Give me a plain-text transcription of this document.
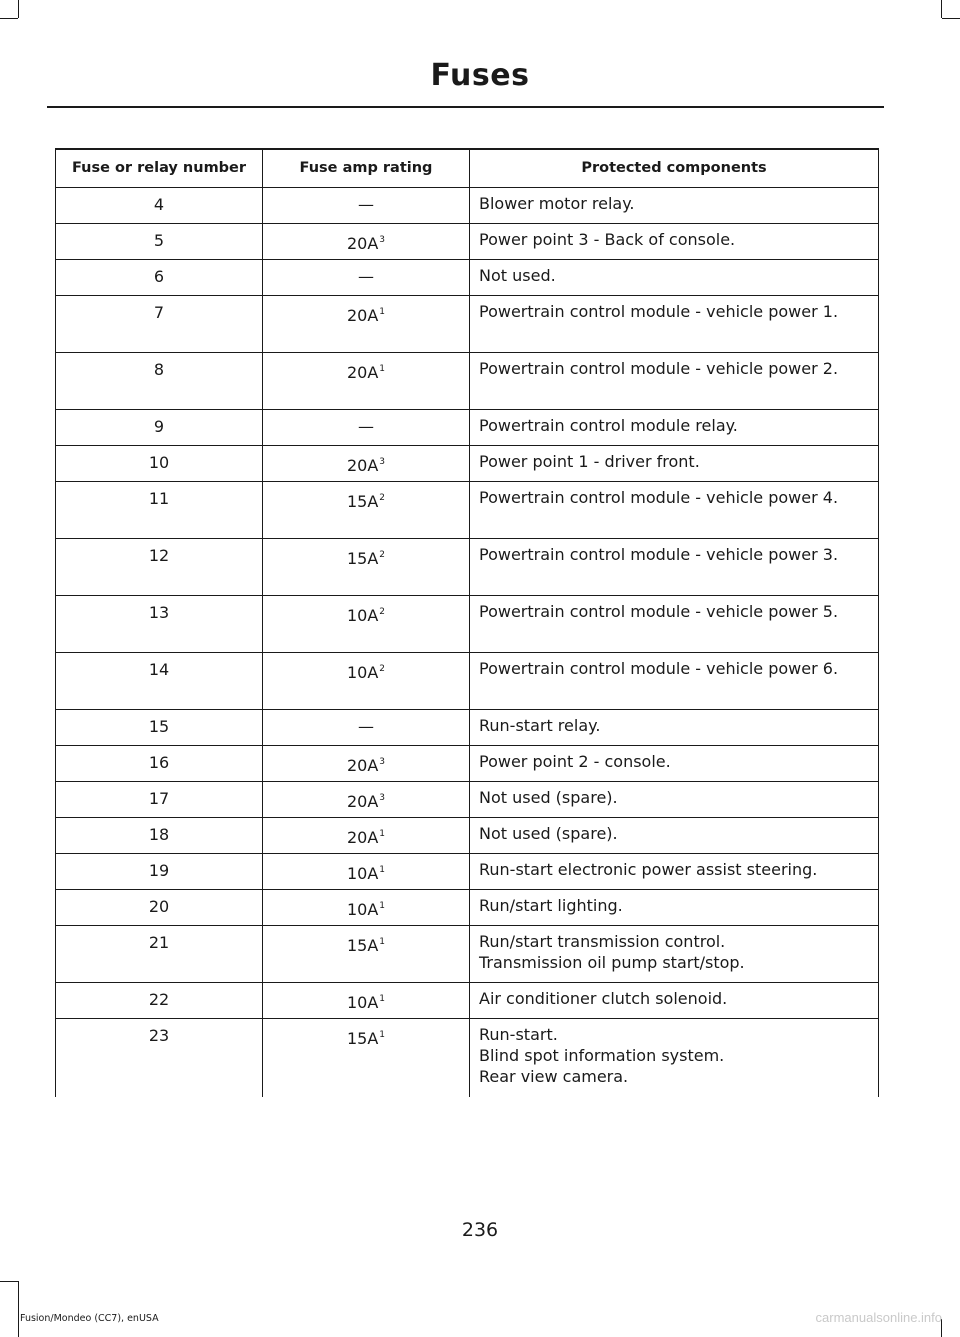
Fuses
Fuse or relay number	Fuse amp rating	Protected components
4	—	Blower motor relay.

5	20A$^3$	Power point 3 - Back of console.

6	—	Not used.

7	20A$^1$	Powertrain control module - vehicle power 1.

8	20A$^1$	Powertrain control module - vehicle power 2.

9	—	Powertrain control module relay.

10	20A$^3$	Power point 1 - driver front.

11	15A$^2$	Powertrain control module - vehicle power 4.

12	15A$^2$	Powertrain control module - vehicle power 3.

13	10A$^2$	Powertrain control module - vehicle power 5.

14	10A$^2$	Powertrain control module - vehicle power 6.

15	—	Run-start relay.

16	20A$^3$	Power point 2 - console.

17	20A$^3$	Not used (spare).

18	20A$^1$	Not used (spare).

19	10A$^1$	Run-start electronic power assist steering.

20	10A$^1$	Run/start lighting.

21	15A$^1$	Run/start transmission control.
Transmission oil pump start/stop.

22	10A$^1$	Air conditioner clutch solenoid.

23	15A$^1$	Run-start.
Blind spot information system.
Rear view camera.
236
Fusion/Mondeo (CC7), enUSA	carmanualsonline.info
